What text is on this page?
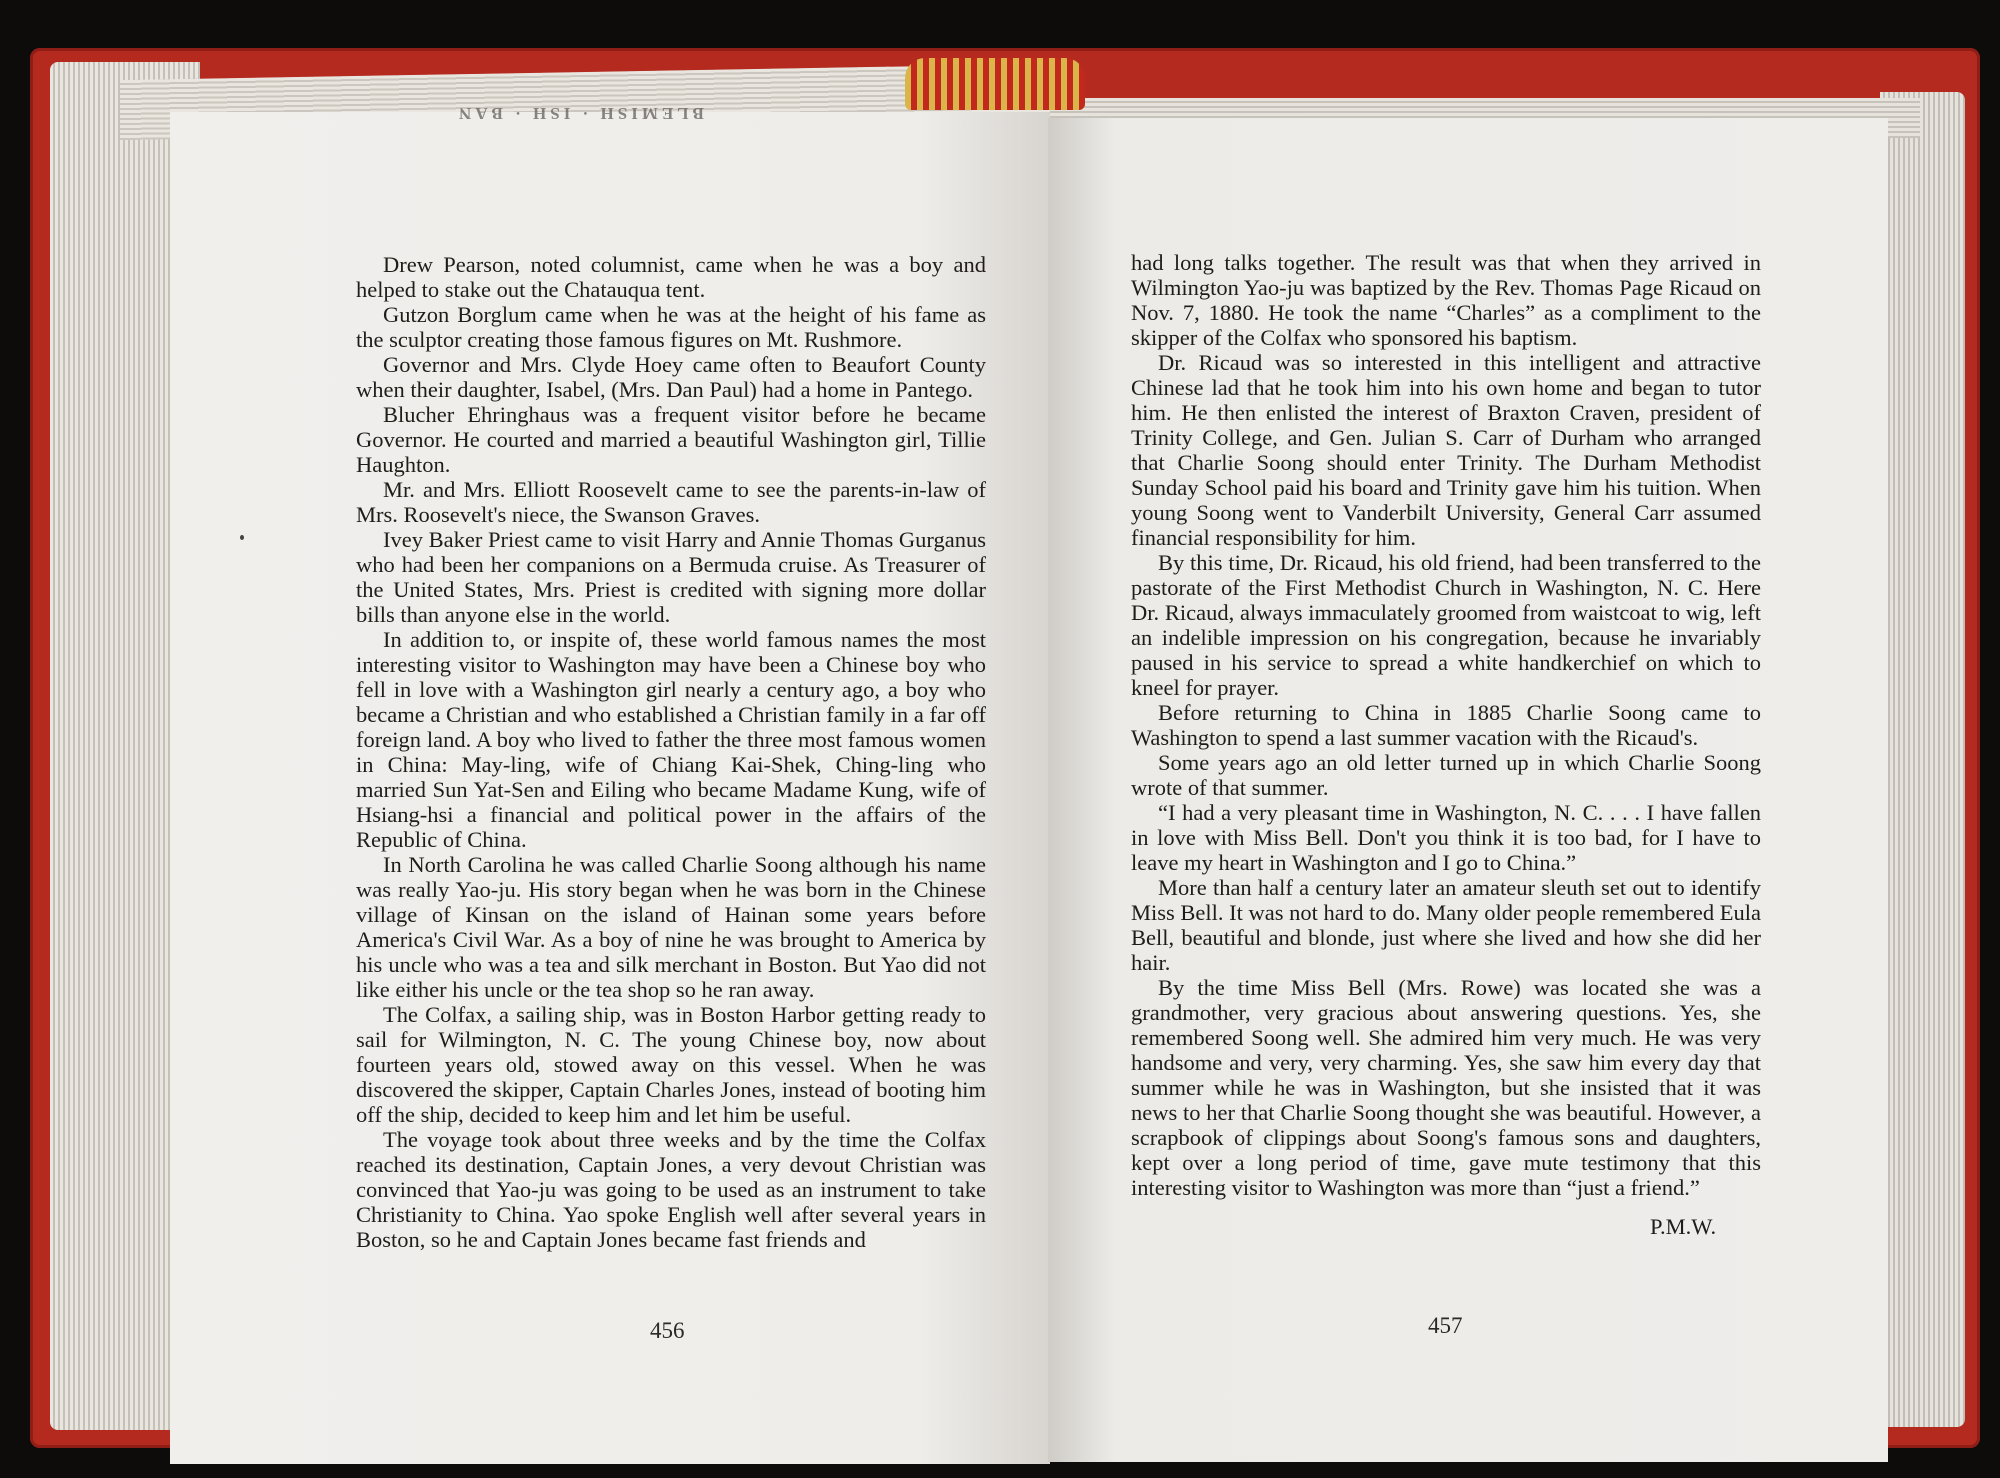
BLEMISH · ISH · BAN

Drew Pearson, noted columnist, came when he was a boy and helped to stake out the Chatauqua tent.

Gutzon Borglum came when he was at the height of his fame as the sculptor creating those famous figures on Mt. Rushmore.

Governor and Mrs. Clyde Hoey came often to Beaufort County when their daughter, Isabel, (Mrs. Dan Paul) had a home in Pantego.

Blucher Ehringhaus was a frequent visitor before he became Governor. He courted and married a beautiful Washington girl, Tillie Haughton.

Mr. and Mrs. Elliott Roosevelt came to see the parents-in-law of Mrs. Roosevelt's niece, the Swanson Graves.

Ivey Baker Priest came to visit Harry and Annie Thomas Gurganus who had been her companions on a Bermuda cruise. As Treasurer of the United States, Mrs. Priest is credited with signing more dollar bills than anyone else in the world.

In addition to, or inspite of, these world famous names the most interesting visitor to Washington may have been a Chinese boy who fell in love with a Washington girl nearly a century ago, a boy who became a Christian and who established a Christian family in a far off foreign land. A boy who lived to father the three most famous women in China: May-ling, wife of Chiang Kai-Shek, Ching-ling who married Sun Yat-Sen and Eiling who became Madame Kung, wife of Hsiang-hsi a financial and political power in the affairs of the Republic of China.

In North Carolina he was called Charlie Soong although his name was really Yao-ju. His story began when he was born in the Chinese village of Kinsan on the island of Hainan some years before America's Civil War. As a boy of nine he was brought to America by his uncle who was a tea and silk merchant in Boston. But Yao did not like either his uncle or the tea shop so he ran away.

The Colfax, a sailing ship, was in Boston Harbor getting ready to sail for Wilmington, N. C. The young Chinese boy, now about fourteen years old, stowed away on this vessel. When he was discovered the skipper, Captain Charles Jones, instead of booting him off the ship, decided to keep him and let him be useful.

The voyage took about three weeks and by the time the Colfax reached its destination, Captain Jones, a very devout Christian was convinced that Yao-ju was going to be used as an instrument to take Christianity to China. Yao spoke English well after several years in Boston, so he and Captain Jones became fast friends and

had long talks together. The result was that when they arrived in Wilmington Yao-ju was baptized by the Rev. Thomas Page Ricaud on Nov. 7, 1880. He took the name “Charles” as a compliment to the skipper of the Colfax who sponsored his baptism.

Dr. Ricaud was so interested in this intelligent and attractive Chinese lad that he took him into his own home and began to tutor him. He then enlisted the interest of Braxton Craven, president of Trinity College, and Gen. Julian S. Carr of Durham who arranged that Charlie Soong should enter Trinity. The Durham Methodist Sunday School paid his board and Trinity gave him his tuition. When young Soong went to Vanderbilt University, General Carr assumed financial responsibility for him.

By this time, Dr. Ricaud, his old friend, had been transferred to the pastorate of the First Methodist Church in Washington, N. C. Here Dr. Ricaud, always immaculately groomed from waistcoat to wig, left an indelible impression on his congregation, because he invariably paused in his service to spread a white handkerchief on which to kneel for prayer.

Before returning to China in 1885 Charlie Soong came to Washington to spend a last summer vacation with the Ricaud's.

Some years ago an old letter turned up in which Charlie Soong wrote of that summer.

“I had a very pleasant time in Washington, N. C. . . . I have fallen in love with Miss Bell. Don't you think it is too bad, for I have to leave my heart in Washington and I go to China.”

More than half a century later an amateur sleuth set out to identify Miss Bell. It was not hard to do. Many older people remembered Eula Bell, beautiful and blonde, just where she lived and how she did her hair.

By the time Miss Bell (Mrs. Rowe) was located she was a grandmother, very gracious about answering questions. Yes, she remembered Soong well. She admired him very much. He was very handsome and very, very charming. Yes, she saw him every day that summer while he was in Washington, but she insisted that it was news to her that Charlie Soong thought she was beautiful. However, a scrapbook of clippings about Soong's famous sons and daughters, kept over a long period of time, gave mute testimony that this interesting visitor to Washington was more than “just a friend.”

P.M.W.
456	457
